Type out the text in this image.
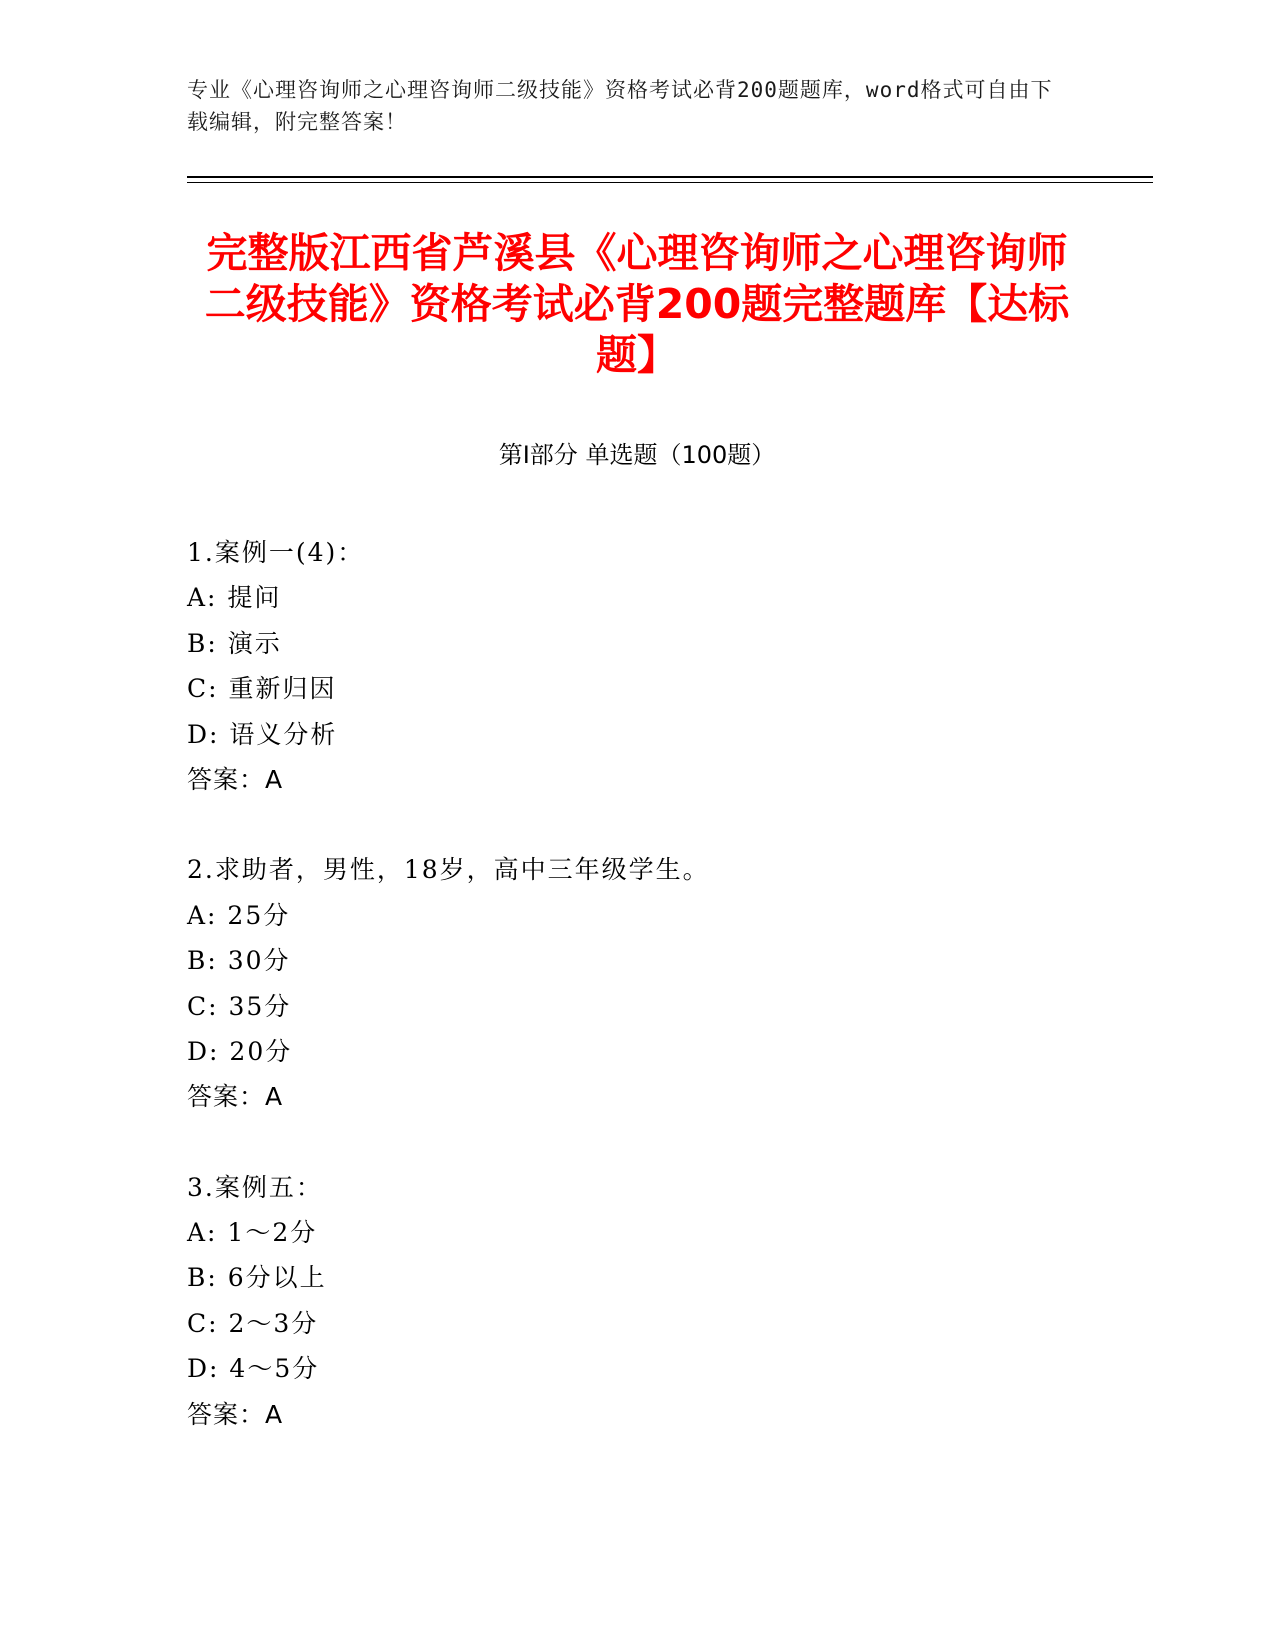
专业《心理咨询师之心理咨询师二级技能》资格考试必背200题题库，word格式可自由下载编辑，附完整答案！
完整版江西省芦溪县《心理咨询师之心理咨询师二级技能》资格考试必背200题完整题库【达标题】
第I部分 单选题（100题）
1.案例一(4)：
A: 提问
B: 演示
C: 重新归因
D: 语义分析
答案：A
2.求助者，男性，18岁，高中三年级学生。
A: 25分
B: 30分
C: 35分
D: 20分
答案：A
3.案例五：
A: 1～2分
B: 6分以上
C: 2～3分
D: 4～5分
答案：A
